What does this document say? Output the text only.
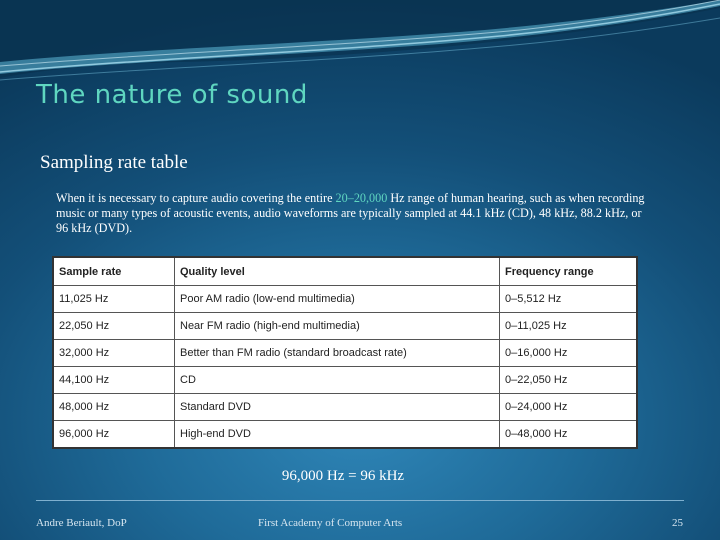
The nature of sound
Sampling rate table

When it is necessary to capture audio covering the entire 20–20,000 Hz range of human hearing, such as when recording music or many types of acoustic events, audio waveforms are typically sampled at 44.1 kHz (CD), 48 kHz, 88.2 kHz, or 96 kHz (DVD).

Sample rate	Quality level	Frequency range
11,025 Hz	Poor AM radio (low-end multimedia)	0–5,512 Hz
22,050 Hz	Near FM radio (high-end multimedia)	0–11,025 Hz
32,000 Hz	Better than FM radio (standard broadcast rate)	0–16,000 Hz
44,100 Hz	CD	0–22,050 Hz
48,000 Hz	Standard DVD	0–24,000 Hz
96,000 Hz	High-end DVD	0–48,000 Hz

96,000 Hz = 96 kHz

Andre Beriault, DoP	First Academy of Computer Arts	25
